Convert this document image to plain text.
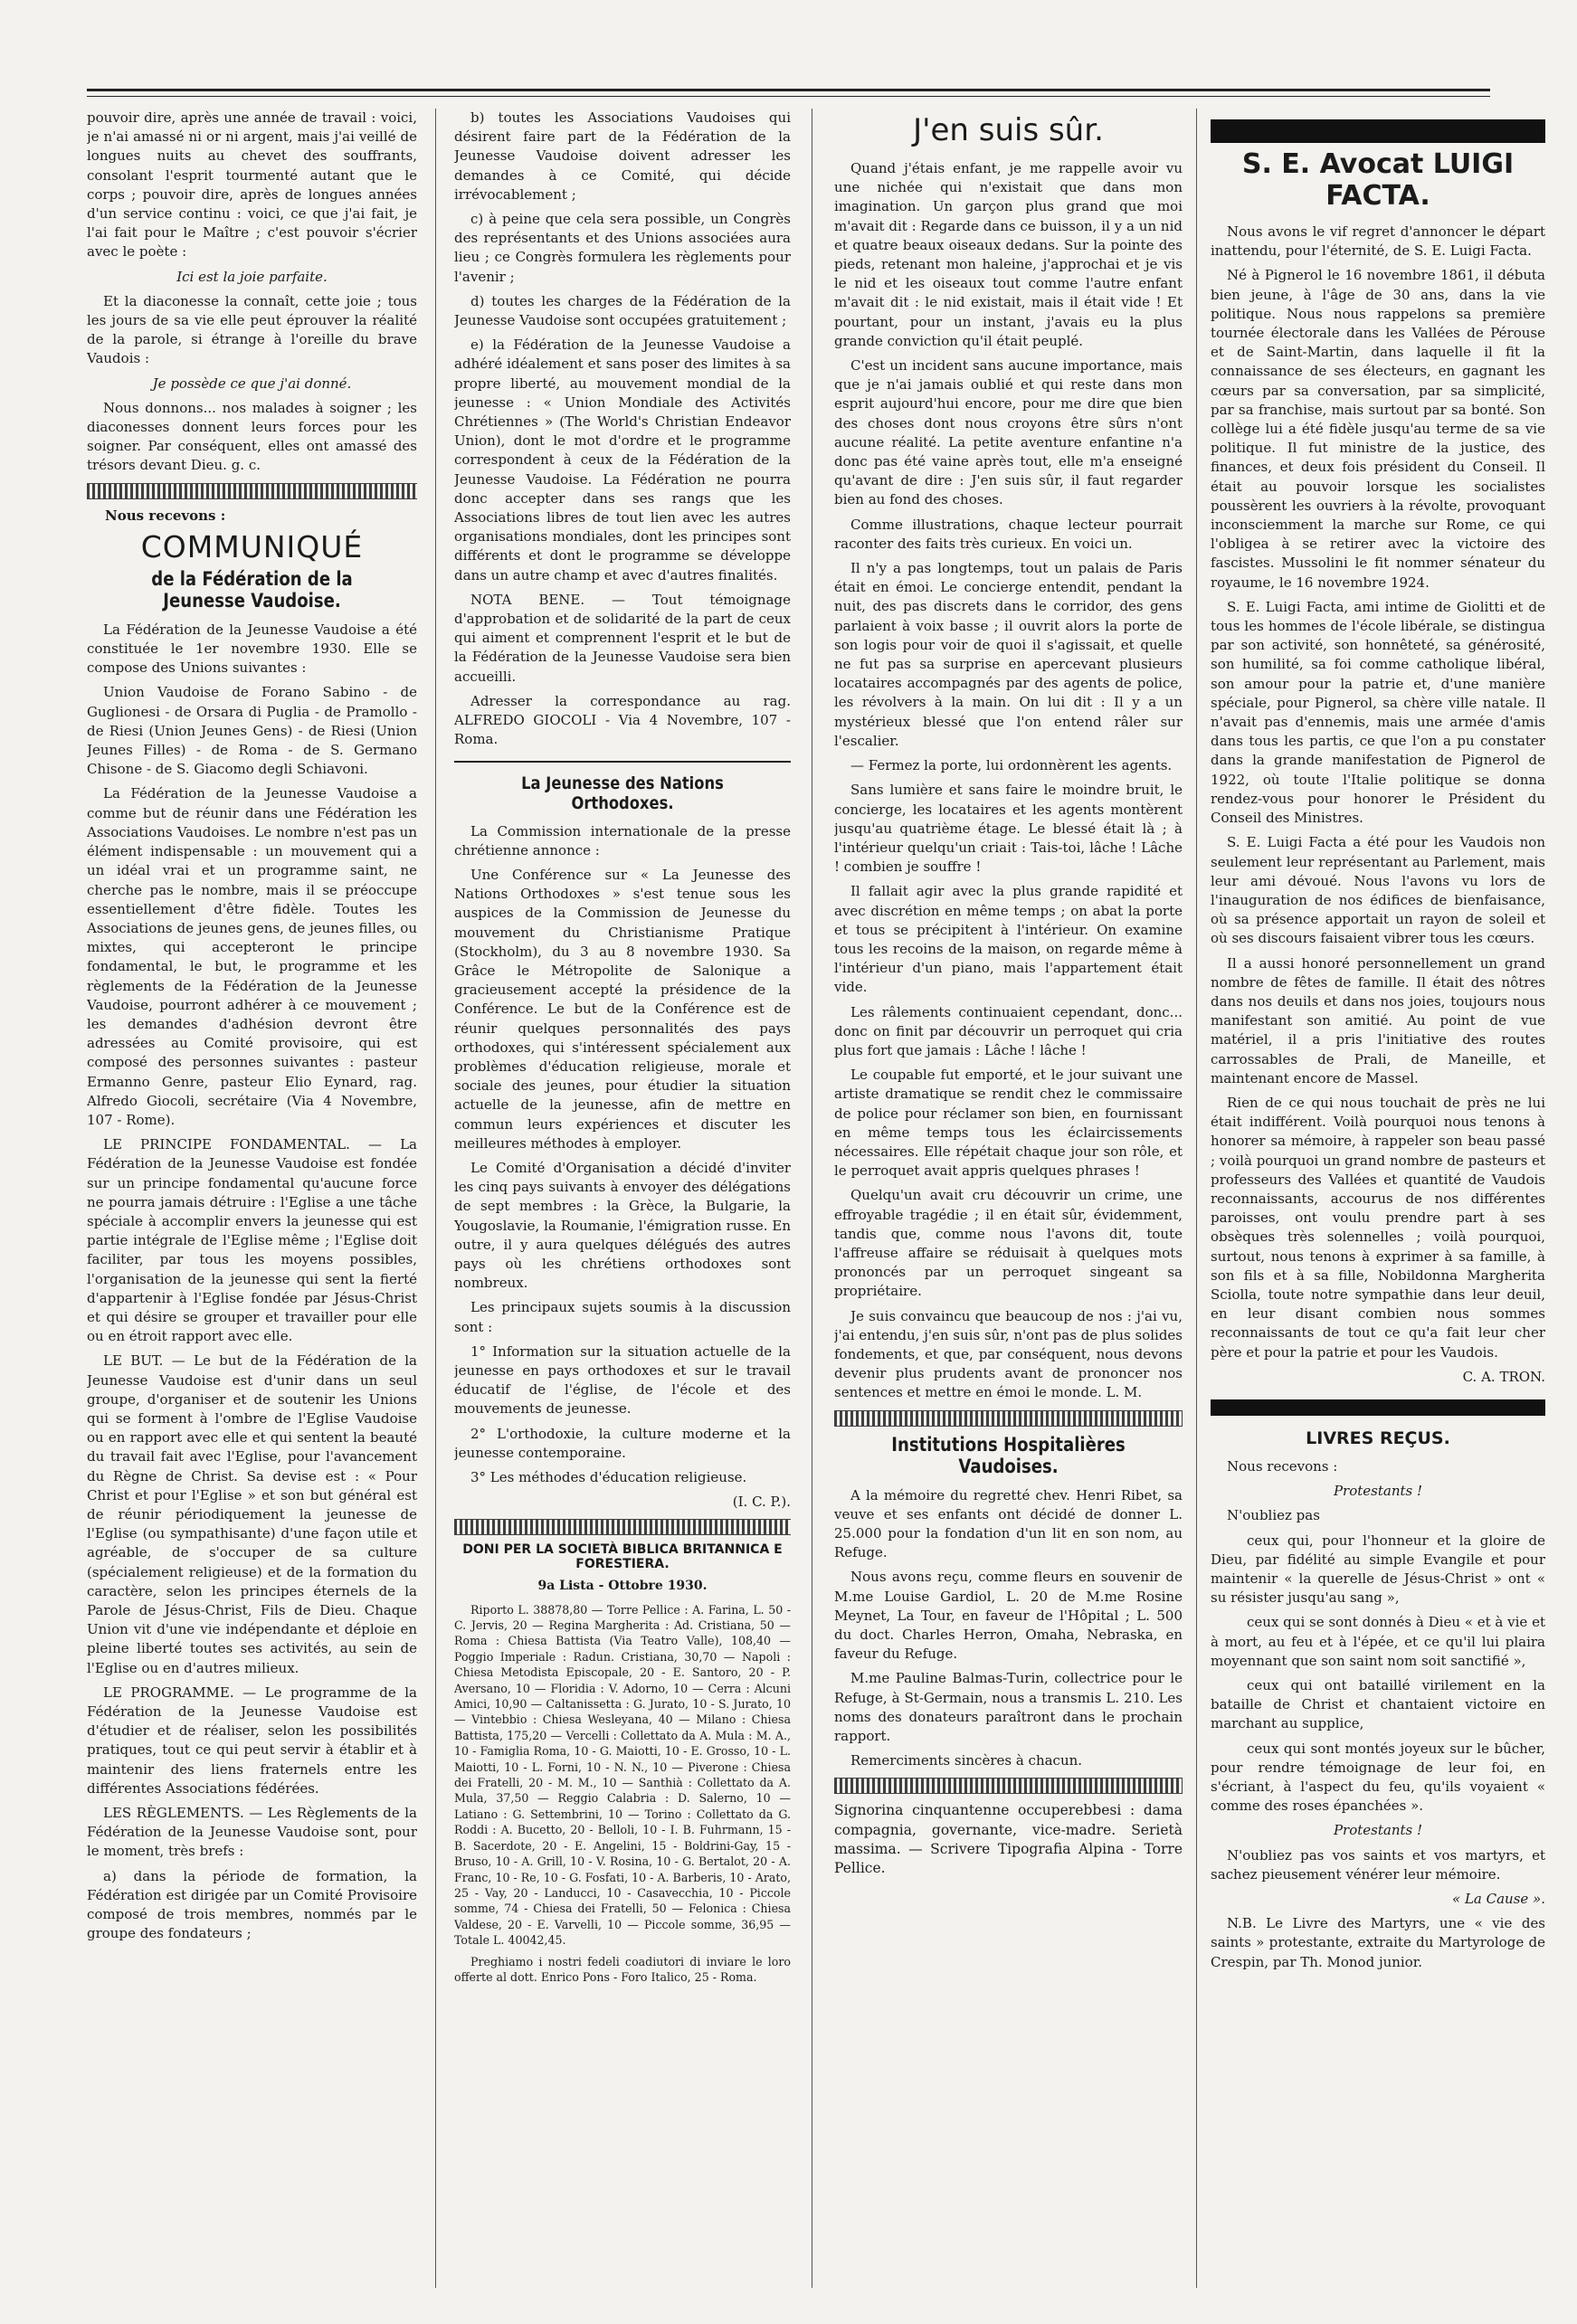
pouvoir dire, après une année de travail : voici, je n'ai amassé ni or ni argent, mais j'ai veillé de longues nuits au chevet des souffrants, consolant l'esprit tourmenté autant que le corps ; pouvoir dire, après de longues années d'un service continu : voici, ce que j'ai fait, je l'ai fait pour le Maître ; c'est pouvoir s'écrier avec le poète :

Ici est la joie parfaite.

Et la diaconesse la connaît, cette joie ; tous les jours de sa vie elle peut éprouver la réalité de la parole, si étrange à l'oreille du brave Vaudois :

Je possède ce que j'ai donné.

Nous donnons... nos malades à soigner ; les diaconesses donnent leurs forces pour les soigner. Par conséquent, elles ont amassé des trésors devant Dieu. g. c.

Nous recevons :

COMMUNIQUÉ
de la Fédération de la Jeunesse Vaudoise.

La Fédération de la Jeunesse Vaudoise a été constituée le 1er novembre 1930. Elle se compose des Unions suivantes :

Union Vaudoise de Forano Sabino - de Guglionesi - de Orsara di Puglia - de Pramollo - de Riesi (Union Jeunes Gens) - de Riesi (Union Jeunes Filles) - de Roma - de S. Germano Chisone - de S. Giacomo degli Schiavoni.

La Fédération de la Jeunesse Vaudoise a comme but de réunir dans une Fédération les Associations Vaudoises. Le nombre n'est pas un élément indispensable : un mouvement qui a un idéal vrai et un programme saint, ne cherche pas le nombre, mais il se préoccupe essentiellement d'être fidèle. Toutes les Associations de jeunes gens, de jeunes filles, ou mixtes, qui accepteront le principe fondamental, le but, le programme et les règlements de la Fédération de la Jeunesse Vaudoise, pourront adhérer à ce mouvement ; les demandes d'adhésion devront être adressées au Comité provisoire, qui est composé des personnes suivantes : pasteur Ermanno Genre, pasteur Elio Eynard, rag. Alfredo Giocoli, secrétaire (Via 4 Novembre, 107 - Rome).

LE PRINCIPE FONDAMENTAL. — La Fédération de la Jeunesse Vaudoise est fondée sur un principe fondamental qu'aucune force ne pourra jamais détruire : l'Eglise a une tâche spéciale à accomplir envers la jeunesse qui est partie intégrale de l'Eglise même ; l'Eglise doit faciliter, par tous les moyens possibles, l'organisation de la jeunesse qui sent la fierté d'appartenir à l'Eglise fondée par Jésus-Christ et qui désire se grouper et travailler pour elle ou en étroit rapport avec elle.

LE BUT. — Le but de la Fédération de la Jeunesse Vaudoise est d'unir dans un seul groupe, d'organiser et de soutenir les Unions qui se forment à l'ombre de l'Eglise Vaudoise ou en rapport avec elle et qui sentent la beauté du travail fait avec l'Eglise, pour l'avancement du Règne de Christ. Sa devise est : « Pour Christ et pour l'Eglise » et son but général est de réunir périodiquement la jeunesse de l'Eglise (ou sympathisante) d'une façon utile et agréable, de s'occuper de sa culture (spécialement religieuse) et de la formation du caractère, selon les principes éternels de la Parole de Jésus-Christ, Fils de Dieu. Chaque Union vit d'une vie indépendante et déploie en pleine liberté toutes ses activités, au sein de l'Eglise ou en d'autres milieux.

LE PROGRAMME. — Le programme de la Fédération de la Jeunesse Vaudoise est d'étudier et de réaliser, selon les possibilités pratiques, tout ce qui peut servir à établir et à maintenir des liens fraternels entre les différentes Associations fédérées.

LES RÈGLEMENTS. — Les Règlements de la Fédération de la Jeunesse Vaudoise sont, pour le moment, très brefs :

a) dans la période de formation, la Fédération est dirigée par un Comité Provisoire composé de trois membres, nommés par le groupe des fondateurs ;

b) toutes les Associations Vaudoises qui désirent faire part de la Fédération de la Jeunesse Vaudoise doivent adresser les demandes à ce Comité, qui décide irrévocablement ;

c) à peine que cela sera possible, un Congrès des représentants et des Unions associées aura lieu ; ce Congrès formulera les règlements pour l'avenir ;

d) toutes les charges de la Fédération de la Jeunesse Vaudoise sont occupées gratuitement ;

e) la Fédération de la Jeunesse Vaudoise a adhéré idéalement et sans poser des limites à sa propre liberté, au mouvement mondial de la jeunesse : « Union Mondiale des Activités Chrétiennes » (The World's Christian Endeavor Union), dont le mot d'ordre et le programme correspondent à ceux de la Fédération de la Jeunesse Vaudoise. La Fédération ne pourra donc accepter dans ses rangs que les Associations libres de tout lien avec les autres organisations mondiales, dont les principes sont différents et dont le programme se développe dans un autre champ et avec d'autres finalités.

NOTA BENE. — Tout témoignage d'approbation et de solidarité de la part de ceux qui aiment et comprennent l'esprit et le but de la Fédération de la Jeunesse Vaudoise sera bien accueilli.

Adresser la correspondance au rag. ALFREDO GIOCOLI - Via 4 Novembre, 107 - Roma.

La Jeunesse des Nations Orthodoxes.

La Commission internationale de la presse chrétienne annonce :

Une Conférence sur « La Jeunesse des Nations Orthodoxes » s'est tenue sous les auspices de la Commission de Jeunesse du mouvement du Christianisme Pratique (Stockholm), du 3 au 8 novembre 1930. Sa Grâce le Métropolite de Salonique a gracieusement accepté la présidence de la Conférence. Le but de la Conférence est de réunir quelques personnalités des pays orthodoxes, qui s'intéressent spécialement aux problèmes d'éducation religieuse, morale et sociale des jeunes, pour étudier la situation actuelle de la jeunesse, afin de mettre en commun leurs expériences et discuter les meilleures méthodes à employer.

Le Comité d'Organisation a décidé d'inviter les cinq pays suivants à envoyer des délégations de sept membres : la Grèce, la Bulgarie, la Yougoslavie, la Roumanie, l'émigration russe. En outre, il y aura quelques délégués des autres pays où les chrétiens orthodoxes sont nombreux.

Les principaux sujets soumis à la discussion sont :

1° Information sur la situation actuelle de la jeunesse en pays orthodoxes et sur le travail éducatif de l'église, de l'école et des mouvements de jeunesse.

2° L'orthodoxie, la culture moderne et la jeunesse contemporaine.

3° Les méthodes d'éducation religieuse.

(I. C. P.).

DONI PER LA SOCIETÀ BIBLICA BRITANNICA E FORESTIERA.

9a Lista - Ottobre 1930.

Riporto L. 38878,80 — Torre Pellice : A. Farina, L. 50 - C. Jervis, 20 — Regina Margherita : Ad. Cristiana, 50 — Roma : Chiesa Battista (Via Teatro Valle), 108,40 — Poggio Imperiale : Radun. Cristiana, 30,70 — Napoli : Chiesa Metodista Episcopale, 20 - E. Santoro, 20 - P. Aversano, 10 — Floridia : V. Adorno, 10 — Cerra : Alcuni Amici, 10,90 — Caltanissetta : G. Jurato, 10 - S. Jurato, 10 — Vintebbio : Chiesa Wesleyana, 40 — Milano : Chiesa Battista, 175,20 — Vercelli : Collettato da A. Mula : M. A., 10 - Famiglia Roma, 10 - G. Maiotti, 10 - E. Grosso, 10 - L. Maiotti, 10 - L. Forni, 10 - N. N., 10 — Piverone : Chiesa dei Fratelli, 20 - M. M., 10 — Santhià : Collettato da A. Mula, 37,50 — Reggio Calabria : D. Salerno, 10 — Latiano : G. Settembrini, 10 — Torino : Collettato da G. Roddi : A. Bucetto, 20 - Belloli, 10 - I. B. Fuhrmann, 15 - B. Sacerdote, 20 - E. Angelini, 15 - Boldrini-Gay, 15 - Bruso, 10 - A. Grill, 10 - V. Rosina, 10 - G. Bertalot, 20 - A. Franc, 10 - Re, 10 - G. Fosfati, 10 - A. Barberis, 10 - Arato, 25 - Vay, 20 - Landucci, 10 - Casavecchia, 10 - Piccole somme, 74 - Chiesa dei Fratelli, 50 — Felonica : Chiesa Valdese, 20 - E. Varvelli, 10 — Piccole somme, 36,95 — Totale L. 40042,45.

Preghiamo i nostri fedeli coadiutori di inviare le loro offerte al dott. Enrico Pons - Foro Italico, 25 - Roma.

J'en suis sûr.

Quand j'étais enfant, je me rappelle avoir vu une nichée qui n'existait que dans mon imagination. Un garçon plus grand que moi m'avait dit : Regarde dans ce buisson, il y a un nid et quatre beaux oiseaux dedans. Sur la pointe des pieds, retenant mon haleine, j'approchai et je vis le nid et les oiseaux tout comme l'autre enfant m'avait dit : le nid existait, mais il était vide ! Et pourtant, pour un instant, j'avais eu la plus grande conviction qu'il était peuplé.

C'est un incident sans aucune importance, mais que je n'ai jamais oublié et qui reste dans mon esprit aujourd'hui encore, pour me dire que bien des choses dont nous croyons être sûrs n'ont aucune réalité. La petite aventure enfantine n'a donc pas été vaine après tout, elle m'a enseigné qu'avant de dire : J'en suis sûr, il faut regarder bien au fond des choses.

Comme illustrations, chaque lecteur pourrait raconter des faits très curieux. En voici un.

Il n'y a pas longtemps, tout un palais de Paris était en émoi. Le concierge entendit, pendant la nuit, des pas discrets dans le corridor, des gens parlaient à voix basse ; il ouvrit alors la porte de son logis pour voir de quoi il s'agissait, et quelle ne fut pas sa surprise en apercevant plusieurs locataires accompagnés par des agents de police, les révolvers à la main. On lui dit : Il y a un mystérieux blessé que l'on entend râler sur l'escalier.

— Fermez la porte, lui ordonnèrent les agents.

Sans lumière et sans faire le moindre bruit, le concierge, les locataires et les agents montèrent jusqu'au quatrième étage. Le blessé était là ; à l'intérieur quelqu'un criait : Tais-toi, lâche ! Lâche ! combien je souffre !

Il fallait agir avec la plus grande rapidité et avec discrétion en même temps ; on abat la porte et tous se précipitent à l'intérieur. On examine tous les recoins de la maison, on regarde même à l'intérieur d'un piano, mais l'appartement était vide.

Les râlements continuaient cependant, donc... donc on finit par découvrir un perroquet qui cria plus fort que jamais : Lâche ! lâche !

Le coupable fut emporté, et le jour suivant une artiste dramatique se rendit chez le commissaire de police pour réclamer son bien, en fournissant en même temps tous les éclaircissements nécessaires. Elle répétait chaque jour son rôle, et le perroquet avait appris quelques phrases !

Quelqu'un avait cru découvrir un crime, une effroyable tragédie ; il en était sûr, évidemment, tandis que, comme nous l'avons dit, toute l'affreuse affaire se réduisait à quelques mots prononcés par un perroquet singeant sa propriétaire.

Je suis convaincu que beaucoup de nos : j'ai vu, j'ai entendu, j'en suis sûr, n'ont pas de plus solides fondements, et que, par conséquent, nous devons devenir plus prudents avant de prononcer nos sentences et mettre en émoi le monde. L. M.

Institutions Hospitalières Vaudoises.

A la mémoire du regretté chev. Henri Ribet, sa veuve et ses enfants ont décidé de donner L. 25.000 pour la fondation d'un lit en son nom, au Refuge.

Nous avons reçu, comme fleurs en souvenir de M.me Louise Gardiol, L. 20 de M.me Rosine Meynet, La Tour, en faveur de l'Hôpital ; L. 500 du doct. Charles Herron, Omaha, Nebraska, en faveur du Refuge.

M.me Pauline Balmas-Turin, collectrice pour le Refuge, à St-Germain, nous a transmis L. 210. Les noms des donateurs paraîtront dans le prochain rapport.

Remerciments sincères à chacun.

Signorina cinquantenne occuperebbesi : dama compagnia, governante, vice-madre. Serietà massima. — Scrivere Tipografia Alpina - Torre Pellice.

S. E. Avocat LUIGI FACTA.

Nous avons le vif regret d'annoncer le départ inattendu, pour l'éternité, de S. E. Luigi Facta.

Né à Pignerol le 16 novembre 1861, il débuta bien jeune, à l'âge de 30 ans, dans la vie politique. Nous nous rappelons sa première tournée électorale dans les Vallées de Pérouse et de Saint-Martin, dans laquelle il fit la connaissance de ses électeurs, en gagnant les cœurs par sa conversation, par sa simplicité, par sa franchise, mais surtout par sa bonté. Son collège lui a été fidèle jusqu'au terme de sa vie politique. Il fut ministre de la justice, des finances, et deux fois président du Conseil. Il était au pouvoir lorsque les socialistes poussèrent les ouvriers à la révolte, provoquant inconsciemment la marche sur Rome, ce qui l'obligea à se retirer avec la victoire des fascistes. Mussolini le fit nommer sénateur du royaume, le 16 novembre 1924.

S. E. Luigi Facta, ami intime de Giolitti et de tous les hommes de l'école libérale, se distingua par son activité, son honnêteté, sa générosité, son humilité, sa foi comme catholique libéral, son amour pour la patrie et, d'une manière spéciale, pour Pignerol, sa chère ville natale. Il n'avait pas d'ennemis, mais une armée d'amis dans tous les partis, ce que l'on a pu constater dans la grande manifestation de Pignerol de 1922, où toute l'Italie politique se donna rendez-vous pour honorer le Président du Conseil des Ministres.

S. E. Luigi Facta a été pour les Vaudois non seulement leur représentant au Parlement, mais leur ami dévoué. Nous l'avons vu lors de l'inauguration de nos édifices de bienfaisance, où sa présence apportait un rayon de soleil et où ses discours faisaient vibrer tous les cœurs.

Il a aussi honoré personnellement un grand nombre de fêtes de famille. Il était des nôtres dans nos deuils et dans nos joies, toujours nous manifestant son amitié. Au point de vue matériel, il a pris l'initiative des routes carrossables de Prali, de Maneille, et maintenant encore de Massel.

Rien de ce qui nous touchait de près ne lui était indifférent. Voilà pourquoi nous tenons à honorer sa mémoire, à rappeler son beau passé ; voilà pourquoi un grand nombre de pasteurs et professeurs des Vallées et quantité de Vaudois reconnaissants, accourus de nos différentes paroisses, ont voulu prendre part à ses obsèques très solennelles ; voilà pourquoi, surtout, nous tenons à exprimer à sa famille, à son fils et à sa fille, Nobildonna Margherita Sciolla, toute notre sympathie dans leur deuil, en leur disant combien nous sommes reconnaissants de tout ce qu'a fait leur cher père et pour la patrie et pour les Vaudois.

C. A. TRON.

LIVRES REÇUS.

Nous recevons :

Protestants !

N'oubliez pas

ceux qui, pour l'honneur et la gloire de Dieu, par fidélité au simple Evangile et pour maintenir « la querelle de Jésus-Christ » ont « su résister jusqu'au sang »,

ceux qui se sont donnés à Dieu « et à vie et à mort, au feu et à l'épée, et ce qu'il lui plaira moyennant que son saint nom soit sanctifié »,

ceux qui ont bataillé virilement en la bataille de Christ et chantaient victoire en marchant au supplice,

ceux qui sont montés joyeux sur le bûcher, pour rendre témoignage de leur foi, en s'écriant, à l'aspect du feu, qu'ils voyaient « comme des roses épanchées ».

Protestants !

N'oubliez pas vos saints et vos martyrs, et sachez pieusement vénérer leur mémoire.

« La Cause ».

N.B. Le Livre des Martyrs, une « vie des saints » protestante, extraite du Martyrologe de Crespin, par Th. Monod junior.
